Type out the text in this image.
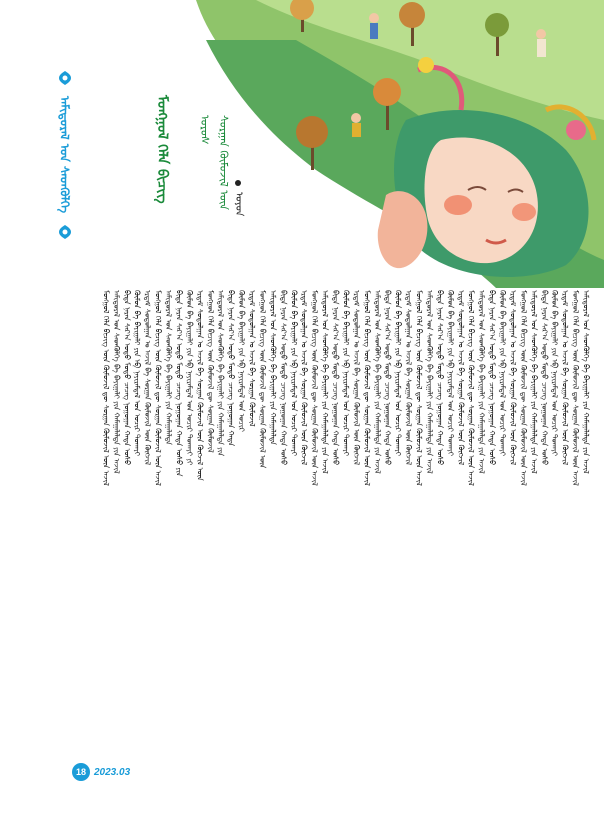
ᠠᠮᠢᠳᠤᠷᠠᠯ ᠤᠨ ᠰᠡᠳᠬᠦᠯᠭᠡ	ᠮᠣᠩᠭᠣᠯ ᠬᠡᠯᠡ ᠪᠢᠴᠢᠭ	ᠰᠤᠷᠭᠠᠨ ᠬᠦᠮᠦᠵᠢᠯ ᠦᠨ ᠤᠷᠤᠰ
ᠣᠶᠤᠨ
ᠮᠣᠩᠭᠣᠯ ᠬᠡᠯᠡ ᠪᠢᠴᠢᠭ ᠦᠨ ᠬᠦᠮᠦᠵᠢᠯ ᠳᠦ ᠰᠤᠷᠭᠠᠨ ᠬᠦᠮᠦᠵᠢᠯ ᠦᠨ ᠠᠵᠢᠯ ᠠᠮᠢᠳᠤᠷᠠᠯ ᠤᠨ ᠰᠡᠳᠬᠦᠯᠭᠡ ᠪᠠ ᠪᠠᠶᠢᠭᠠᠯᠢ ᠶᠢᠨ ᠬᠠᠮᠠᠭᠠᠯᠠᠯᠲᠠ ᠶᠢᠨ ᠠᠵᠢᠯ ᠪᠢᠳᠡ ᠨᠠᠷᠠᠨ ᠰᠠᠷ᠎ᠠ ᠣᠳᠤ ᠮᠣᠳᠤ ᠴᠡᠴᠡᠭ ᠨᠤᠭᠤᠭᠠᠨ ᠬᠠᠳᠠ ᠤᠰᠤ ᠬᠦᠮᠦᠨ ᠪᠠ ᠪᠠᠶᠢᠭᠠᠯᠢ ᠶᠢᠨ ᠡᠪ ᠨᠠᠶᠢᠷᠠᠮᠳᠠᠯ ᠤᠨ ᠤᠴᠢᠷ ᠲᠤᠬᠠᠶᠢ ᠡᠷᠳᠡᠮ ᠰᠤᠳᠤᠯᠭᠠᠨ ᠤ ᠠᠵᠢᠯ ᠪᠠ ᠰᠤᠷᠭᠠᠨ ᠬᠦᠮᠦᠵᠢᠯ ᠦᠨ ᠬᠥᠭᠵᠢᠯ ᠮᠣᠩᠭᠣᠯ ᠬᠡᠯᠡ ᠪᠢᠴᠢᠭ ᠦᠨ ᠬᠦᠮᠦᠵᠢᠯ ᠳᠦ ᠰᠤᠷᠭᠠᠨ ᠬᠦᠮᠦᠵᠢᠯ ᠦᠨ ᠠᠵᠢᠯ ᠠᠮᠢᠳᠤᠷᠠᠯ ᠤᠨ ᠰᠡᠳᠬᠦᠯᠭᠡ ᠪᠠ ᠪᠠᠶᠢᠭᠠᠯᠢ ᠶᠢᠨ ᠬᠠᠮᠠᠭᠠᠯᠠᠯᠲᠠ ᠪᠢᠳᠡ ᠨᠠᠷᠠᠨ ᠰᠠᠷ᠎ᠠ ᠣᠳᠤ ᠮᠣᠳᠤ ᠴᠡᠴᠡᠭ ᠨᠤᠭᠤᠭᠠᠨ ᠬᠠᠳᠠ ᠤᠰᠤ ᠶᠢᠨ ᠬᠦᠮᠦᠨ ᠪᠠ ᠪᠠᠶᠢᠭᠠᠯᠢ ᠶᠢᠨ ᠡᠪ ᠨᠠᠶᠢᠷᠠᠮᠳᠠᠯ ᠤᠨ ᠤᠴᠢᠷ ᠲᠤᠬᠠᠶᠢ ᠶᠢ ᠡᠷᠳᠡᠮ ᠰᠤᠳᠤᠯᠭᠠᠨ ᠤ ᠠᠵᠢᠯ ᠪᠠ ᠰᠤᠷᠭᠠᠨ ᠬᠦᠮᠦᠵᠢᠯ ᠦᠨ ᠬᠥᠭᠵᠢᠯ ᠦᠨ ᠮᠣᠩᠭᠣᠯ ᠬᠡᠯᠡ ᠪᠢᠴᠢᠭ ᠦᠨ ᠬᠦᠮᠦᠵᠢᠯ ᠳᠦ ᠰᠤᠷᠭᠠᠨ ᠬᠦᠮᠦᠵᠢᠯ ᠠᠮᠢᠳᠤᠷᠠᠯ ᠤᠨ ᠰᠡᠳᠬᠦᠯᠭᠡ ᠪᠠ ᠪᠠᠶᠢᠭᠠᠯᠢ ᠶᠢᠨ ᠬᠠᠮᠠᠭᠠᠯᠠᠯᠲᠠ ᠶᠢᠨ ᠪᠢᠳᠡ ᠨᠠᠷᠠᠨ ᠰᠠᠷ᠎ᠠ ᠣᠳᠤ ᠮᠣᠳᠤ ᠴᠡᠴᠡᠭ ᠨᠤᠭᠤᠭᠠᠨ ᠬᠠᠳᠠ ᠬᠦᠮᠦᠨ ᠪᠠ ᠪᠠᠶᠢᠭᠠᠯᠢ ᠶᠢᠨ ᠡᠪ ᠨᠠᠶᠢᠷᠠᠮᠳᠠᠯ ᠤᠨ ᠤᠴᠢᠷ ᠡᠷᠳᠡᠮ ᠰᠤᠳᠤᠯᠭᠠᠨ ᠤ ᠠᠵᠢᠯ ᠪᠠ ᠰᠤᠷᠭᠠᠨ ᠬᠦᠮᠦᠵᠢᠯ ᠮᠣᠩᠭᠣᠯ ᠬᠡᠯᠡ ᠪᠢᠴᠢᠭ ᠦᠨ ᠬᠦᠮᠦᠵᠢᠯ ᠳᠦ ᠰᠤᠷᠭᠠᠨ ᠬᠦᠮᠦᠵᠢᠯ ᠦᠨ ᠠᠮᠢᠳᠤᠷᠠᠯ ᠤᠨ ᠰᠡᠳᠬᠦᠯᠭᠡ ᠪᠠ ᠪᠠᠶᠢᠭᠠᠯᠢ ᠶᠢᠨ ᠬᠠᠮᠠᠭᠠᠯᠠᠯᠲᠠ ᠪᠢᠳᠡ ᠨᠠᠷᠠᠨ ᠰᠠᠷ᠎ᠠ ᠣᠳᠤ ᠮᠣᠳᠤ ᠴᠡᠴᠡᠭ ᠨᠤᠭᠤᠭᠠᠨ ᠬᠠᠳᠠ ᠤᠰᠤ ᠬᠦᠮᠦᠨ ᠪᠠ ᠪᠠᠶᠢᠭᠠᠯᠢ ᠶᠢᠨ ᠡᠪ ᠨᠠᠶᠢᠷᠠᠮᠳᠠᠯ ᠤᠨ ᠤᠴᠢᠷ ᠲᠤᠬᠠᠶᠢ ᠡᠷᠳᠡᠮ ᠰᠤᠳᠤᠯᠭᠠᠨ ᠤ ᠠᠵᠢᠯ ᠪᠠ ᠰᠤᠷᠭᠠᠨ ᠬᠦᠮᠦᠵᠢᠯ ᠦᠨ ᠬᠥᠭᠵᠢᠯ ᠮᠣᠩᠭᠣᠯ ᠬᠡᠯᠡ ᠪᠢᠴᠢᠭ ᠦᠨ ᠬᠦᠮᠦᠵᠢᠯ ᠳᠦ ᠰᠤᠷᠭᠠᠨ ᠬᠦᠮᠦᠵᠢᠯ ᠦᠨ ᠠᠵᠢᠯ ᠠᠮᠢᠳᠤᠷᠠᠯ ᠤᠨ ᠰᠡᠳᠬᠦᠯᠭᠡ ᠪᠠ ᠪᠠᠶᠢᠭᠠᠯᠢ ᠶᠢᠨ ᠬᠠᠮᠠᠭᠠᠯᠠᠯᠲᠠ ᠶᠢᠨ ᠠᠵᠢᠯ ᠪᠢᠳᠡ ᠨᠠᠷᠠᠨ ᠰᠠᠷ᠎ᠠ ᠣᠳᠤ ᠮᠣᠳᠤ ᠴᠡᠴᠡᠭ ᠨᠤᠭᠤᠭᠠᠨ ᠬᠠᠳᠠ ᠤᠰᠤ ᠬᠦᠮᠦᠨ ᠪᠠ ᠪᠠᠶᠢᠭᠠᠯᠢ ᠶᠢᠨ ᠡᠪ ᠨᠠᠶᠢᠷᠠᠮᠳᠠᠯ ᠤᠨ ᠤᠴᠢᠷ ᠲᠤᠬᠠᠶᠢ ᠡᠷᠳᠡᠮ ᠰᠤᠳᠤᠯᠭᠠᠨ ᠤ ᠠᠵᠢᠯ ᠪᠠ ᠰᠤᠷᠭᠠᠨ ᠬᠦᠮᠦᠵᠢᠯ ᠦᠨ ᠬᠥᠭᠵᠢᠯ ᠮᠣᠩᠭᠣᠯ ᠬᠡᠯᠡ ᠪᠢᠴᠢᠭ ᠦᠨ ᠬᠦᠮᠦᠵᠢᠯ ᠳᠦ ᠰᠤᠷᠭᠠᠨ ᠬᠦᠮᠦᠵᠢᠯ ᠦᠨ ᠠᠵᠢᠯ ᠠᠮᠢᠳᠤᠷᠠᠯ ᠤᠨ ᠰᠡᠳᠬᠦᠯᠭᠡ ᠪᠠ ᠪᠠᠶᠢᠭᠠᠯᠢ ᠶᠢᠨ ᠬᠠᠮᠠᠭᠠᠯᠠᠯᠲᠠ ᠶᠢᠨ ᠠᠵᠢᠯ ᠪᠢᠳᠡ ᠨᠠᠷᠠᠨ ᠰᠠᠷ᠎ᠠ ᠣᠳᠤ ᠮᠣᠳᠤ ᠴᠡᠴᠡᠭ ᠨᠤᠭᠤᠭᠠᠨ ᠬᠠᠳᠠ ᠤᠰᠤ ᠬᠦᠮᠦᠨ ᠪᠠ ᠪᠠᠶᠢᠭᠠᠯᠢ ᠶᠢᠨ ᠡᠪ ᠨᠠᠶᠢᠷᠠᠮᠳᠠᠯ ᠤᠨ ᠤᠴᠢᠷ ᠲᠤᠬᠠᠶᠢ ᠡᠷᠳᠡᠮ ᠰᠤᠳᠤᠯᠭᠠᠨ ᠤ ᠠᠵᠢᠯ ᠪᠠ ᠰᠤᠷᠭᠠᠨ ᠬᠦᠮᠦᠵᠢᠯ ᠦᠨ ᠬᠥᠭᠵᠢᠯ ᠮᠣᠩᠭᠣᠯ ᠬᠡᠯᠡ ᠪᠢᠴᠢᠭ ᠦᠨ ᠬᠦᠮᠦᠵᠢᠯ ᠳᠦ ᠰᠤᠷᠭᠠᠨ ᠬᠦᠮᠦᠵᠢᠯ ᠦᠨ ᠠᠵᠢᠯ ᠠᠮᠢᠳᠤᠷᠠᠯ ᠤᠨ ᠰᠡᠳᠬᠦᠯᠭᠡ ᠪᠠ ᠪᠠᠶᠢᠭᠠᠯᠢ ᠶᠢᠨ ᠬᠠᠮᠠᠭᠠᠯᠠᠯᠲᠠ ᠶᠢᠨ ᠠᠵᠢᠯ ᠪᠢᠳᠡ ᠨᠠᠷᠠᠨ ᠰᠠᠷ᠎ᠠ ᠣᠳᠤ ᠮᠣᠳᠤ ᠴᠡᠴᠡᠭ ᠨᠤᠭᠤᠭᠠᠨ ᠬᠠᠳᠠ ᠤᠰᠤ ᠬᠦᠮᠦᠨ ᠪᠠ ᠪᠠᠶᠢᠭᠠᠯᠢ ᠶᠢᠨ ᠡᠪ ᠨᠠᠶᠢᠷᠠᠮᠳᠠᠯ ᠤᠨ ᠤᠴᠢᠷ ᠲᠤᠬᠠᠶᠢ ᠡᠷᠳᠡᠮ ᠰᠤᠳᠤᠯᠭᠠᠨ ᠤ ᠠᠵᠢᠯ ᠪᠠ ᠰᠤᠷᠭᠠᠨ ᠬᠦᠮᠦᠵᠢᠯ ᠦᠨ ᠬᠥᠭᠵᠢᠯ ᠮᠣᠩᠭᠣᠯ ᠬᠡᠯᠡ ᠪᠢᠴᠢᠭ ᠦᠨ ᠬᠦᠮᠦᠵᠢᠯ ᠳᠦ ᠰᠤᠷᠭᠠᠨ ᠬᠦᠮᠦᠵᠢᠯ ᠦᠨ ᠠᠵᠢᠯ ᠠᠮᠢᠳᠤᠷᠠᠯ ᠤᠨ ᠰᠡᠳᠬᠦᠯᠭᠡ ᠪᠠ ᠪᠠᠶᠢᠭᠠᠯᠢ ᠶᠢᠨ ᠬᠠᠮᠠᠭᠠᠯᠠᠯᠲᠠ ᠶᠢᠨ ᠠᠵᠢᠯ ᠪᠢᠳᠡ ᠨᠠᠷᠠᠨ ᠰᠠᠷ᠎ᠠ ᠣᠳᠤ ᠮᠣᠳᠤ ᠴᠡᠴᠡᠭ ᠨᠤᠭᠤᠭᠠᠨ ᠬᠠᠳᠠ ᠤᠰᠤ ᠬᠦᠮᠦᠨ ᠪᠠ ᠪᠠᠶᠢᠭᠠᠯᠢ ᠶᠢᠨ ᠡᠪ ᠨᠠᠶᠢᠷᠠᠮᠳᠠᠯ ᠤᠨ ᠤᠴᠢᠷ ᠲᠤᠬᠠᠶᠢ ᠡᠷᠳᠡᠮ ᠰᠤᠳᠤᠯᠭᠠᠨ ᠤ ᠠᠵᠢᠯ ᠪᠠ ᠰᠤᠷᠭᠠᠨ ᠬᠦᠮᠦᠵᠢᠯ ᠦᠨ ᠬᠥᠭᠵᠢᠯ ᠮᠣᠩᠭᠣᠯ ᠬᠡᠯᠡ ᠪᠢᠴᠢᠭ ᠦᠨ ᠬᠦᠮᠦᠵᠢᠯ ᠳᠦ ᠰᠤᠷᠭᠠᠨ ᠬᠦᠮᠦᠵᠢᠯ ᠦᠨ ᠠᠵᠢᠯ ᠠᠮᠢᠳᠤᠷᠠᠯ ᠤᠨ ᠰᠡᠳᠬᠦᠯᠭᠡ ᠪᠠ ᠪᠠᠶᠢᠭᠠᠯᠢ ᠶᠢᠨ ᠬᠠᠮᠠᠭᠠᠯᠠᠯᠲᠠ ᠶᠢᠨ ᠠᠵᠢᠯ ᠪᠢᠳᠡ ᠨᠠᠷᠠᠨ ᠰᠠᠷ᠎ᠠ ᠣᠳᠤ ᠮᠣᠳᠤ ᠴᠡᠴᠡᠭ ᠨᠤᠭᠤᠭᠠᠨ ᠬᠠᠳᠠ ᠤᠰᠤ ᠬᠦᠮᠦᠨ ᠪᠠ ᠪᠠᠶᠢᠭᠠᠯᠢ ᠶᠢᠨ ᠡᠪ ᠨᠠᠶᠢᠷᠠᠮᠳᠠᠯ ᠤᠨ ᠤᠴᠢᠷ ᠲᠤᠬᠠᠶᠢ ᠡᠷᠳᠡᠮ ᠰᠤᠳᠤᠯᠭᠠᠨ ᠤ ᠠᠵᠢᠯ ᠪᠠ ᠰᠤᠷᠭᠠᠨ ᠬᠦᠮᠦᠵᠢᠯ ᠦᠨ ᠬᠥᠭᠵᠢᠯ ᠮᠣᠩᠭᠣᠯ ᠬᠡᠯᠡ ᠪᠢᠴᠢᠭ ᠦᠨ ᠬᠦᠮᠦᠵᠢᠯ ᠳᠦ ᠰᠤᠷᠭᠠᠨ ᠬᠦᠮᠦᠵᠢᠯ ᠦᠨ ᠠᠵᠢᠯ ᠠᠮᠢᠳᠤᠷᠠᠯ ᠤᠨ ᠰᠡᠳᠬᠦᠯᠭᠡ ᠪᠠ ᠪᠠᠶᠢᠭᠠᠯᠢ ᠶᠢᠨ ᠬᠠᠮᠠᠭᠠᠯᠠᠯᠲᠠ ᠶᠢᠨ ᠠᠵᠢᠯ
18 2023.03
